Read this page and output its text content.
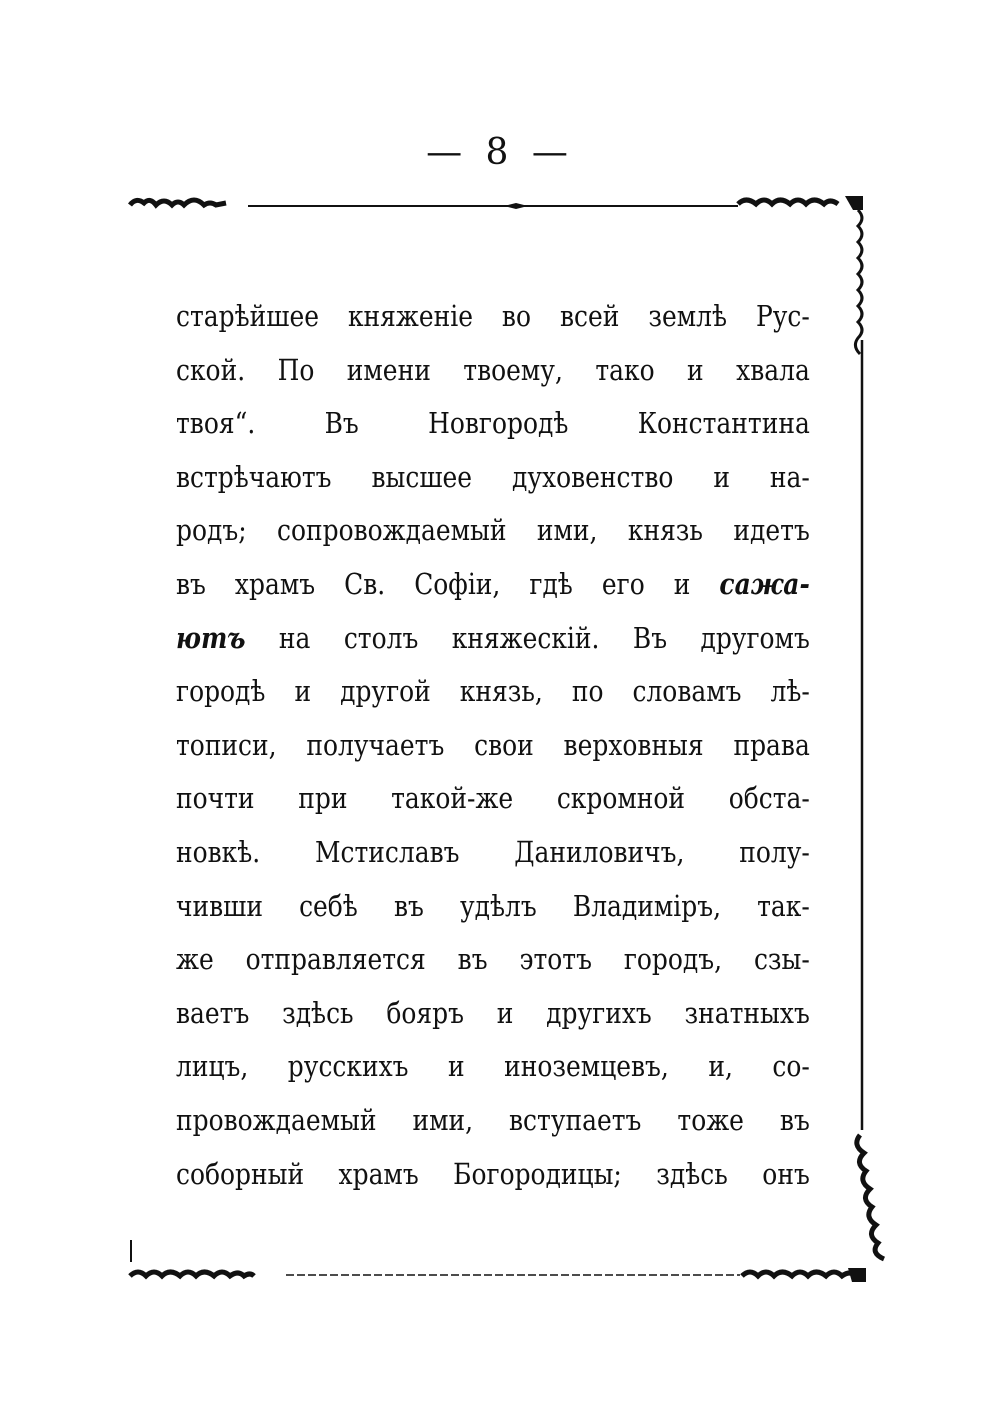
— 8 —
старѣйшее княженіе во всей землѣ Рус-
ской. По имени твоему, тако и хвала
твоя“. Въ Новгородѣ Константина
встрѣчаютъ высшее духовенство и на-
родъ; сопровождаемый ими, князь идетъ
въ храмъ Св. Софіи, гдѣ его и сажа-
ютъ на столъ княжескій. Въ другомъ
городѣ и другой князь, по словамъ лѣ-
тописи, получаетъ свои верховныя права
почти при такой-же скромной обста-
новкѣ. Мстиславъ Даниловичъ, полу-
чивши себѣ въ удѣлъ Владиміръ, так-
же отправляется въ этотъ городъ, сзы-
ваетъ здѣсь бояръ и другихъ знатныхъ
лицъ, русскихъ и иноземцевъ, и, со-
провождаемый ими, вступаетъ тоже въ
соборный храмъ Богородицы; здѣсь онъ
